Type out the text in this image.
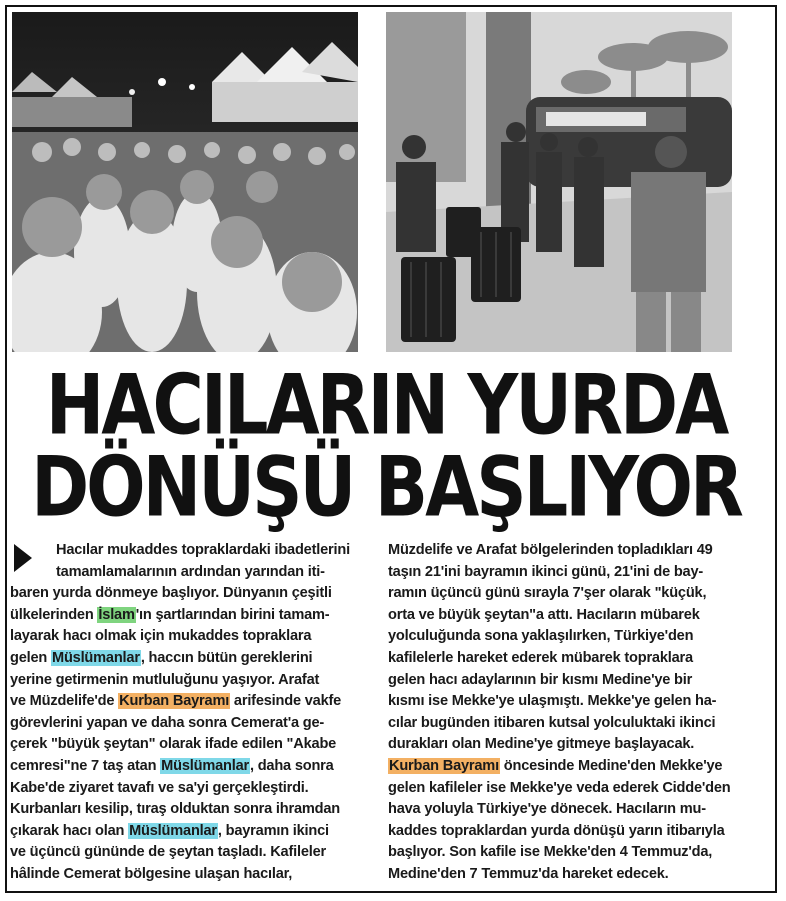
HACILARIN YURDA
DÖNÜŞÜ BAŞLIYOR
Hacılar mukaddes topraklardaki ibadetlerini
tamamlamalarının ardından yarından iti-
baren yurda dönmeye başlıyor. Dünyanın çeşitli
ülkelerinden İslam'ın şartlarından birini tamam-
layarak hacı olmak için mukaddes topraklara
gelen Müslümanlar, haccın bütün gereklerini
yerine getirmenin mutluluğunu yaşıyor. Arafat
ve Müzdelife'de Kurban Bayramı arifesinde vakfe
görevlerini yapan ve daha sonra Cemerat'a ge-
çerek "büyük şeytan" olarak ifade edilen "Akabe
cemresi"ne 7 taş atan Müslümanlar, daha sonra
Kabe'de ziyaret tavafı ve sa'yi gerçekleştirdi.
Kurbanları kesilip, tıraş olduktan sonra ihramdan
çıkarak hacı olan Müslümanlar, bayramın ikinci
ve üçüncü gününde de şeytan taşladı. Kafileler
hâlinde Cemerat bölgesine ulaşan hacılar,
Müzdelife ve Arafat bölgelerinden topladıkları 49
taşın 21'ini bayramın ikinci günü, 21'ini de bay-
ramın üçüncü günü sırayla 7'şer olarak "küçük,
orta ve büyük şeytan"a attı. Hacıların mübarek
yolculuğunda sona yaklaşılırken, Türkiye'den
kafilelerle hareket ederek mübarek topraklara
gelen hacı adaylarının bir kısmı Medine'ye bir
kısmı ise Mekke'ye ulaşmıştı. Mekke'ye gelen ha-
cılar bugünden itibaren kutsal yolculuktaki ikinci
durakları olan Medine'ye gitmeye başlayacak.
Kurban Bayramı öncesinde Medine'den Mekke'ye
gelen kafileler ise Mekke'ye veda ederek Cidde'den
hava yoluyla Türkiye'ye dönecek. Hacıların mu-
kaddes topraklardan yurda dönüşü yarın itibarıyla
başlıyor. Son kafile ise Mekke'den 4 Temmuz'da,
Medine'den 7 Temmuz'da hareket edecek.
